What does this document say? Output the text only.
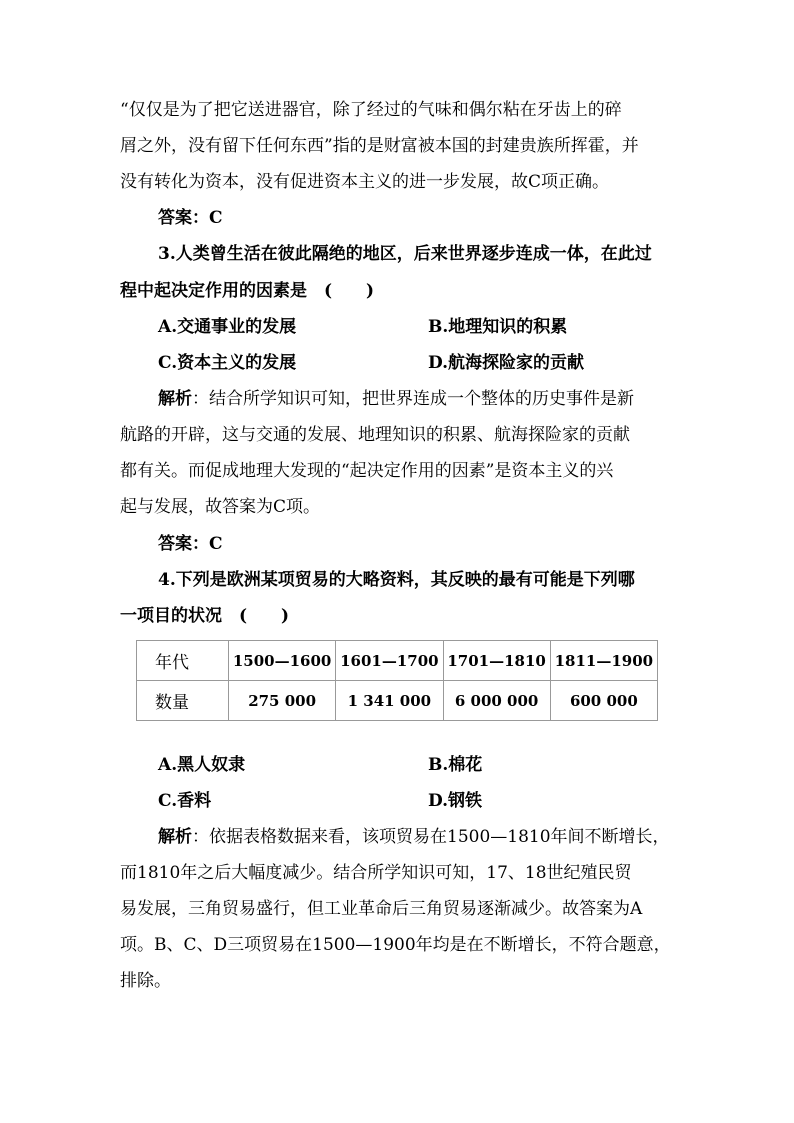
“仅仅是为了把它送进器官，除了经过的气味和偶尔粘在牙齿上的碎
屑之外，没有留下任何东西”指的是财富被本国的封建贵族所挥霍，并
没有转化为资本，没有促进资本主义的进一步发展，故C项正确。
答案：C
3.人类曾生活在彼此隔绝的地区，后来世界逐步连成一体，在此过
程中起决定作用的因素是　(　　)
A.交通事业的发展	B.地理知识的积累
C.资本主义的发展	D.航海探险家的贡献
解析：结合所学知识可知，把世界连成一个整体的历史事件是新
航路的开辟，这与交通的发展、地理知识的积累、航海探险家的贡献
都有关。而促成地理大发现的“起决定作用的因素”是资本主义的兴
起与发展，故答案为C项。
答案：C
4.下列是欧洲某项贸易的大略资料，其反映的最有可能是下列哪
一项目的状况　(　　)
年代	1500—1600	1601—1700	1701—1810	1811—1900
数量	275 000	1 341 000	6 000 000	600 000
A.黑人奴隶	B.棉花
C.香料	D.钢铁
解析：依据表格数据来看，该项贸易在1500—1810年间不断增长，
而1810年之后大幅度减少。结合所学知识可知，17、18世纪殖民贸
易发展，三角贸易盛行，但工业革命后三角贸易逐渐减少。故答案为A
项。B、C、D三项贸易在1500—1900年均是在不断增长，不符合题意，
排除。
